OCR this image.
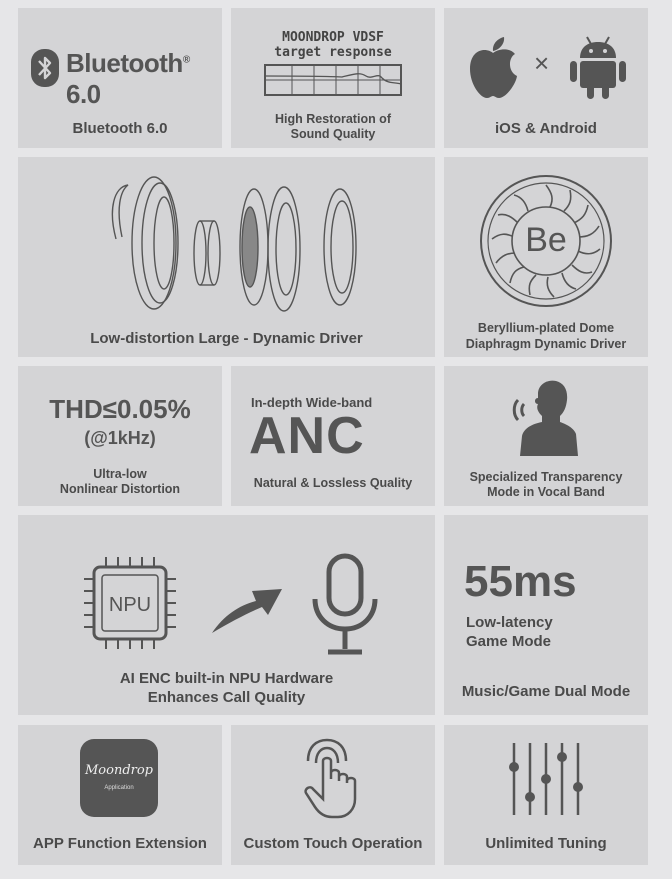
Bluetooth® 6.0
Bluetooth 6.0
MOONDROP VDSF
target response
High Restoration of
Sound Quality
×
iOS & Android
Low-distortion Large - Dynamic Driver
Be
Beryllium-plated Dome
Diaphragm Dynamic Driver
THD≤0.05%
(@1kHz)
Ultra-low
Nonlinear Distortion
In-depth Wide-band
ANC
Natural & Lossless Quality	Specialized Transparency
Mode in Vocal Band
NPU
AI ENC built-in NPU Hardware
Enhances Call Quality
55ms
Low-latency
Game Mode
Music/Game Dual Mode
Moondrop
Application
APP Function Extension	Custom Touch Operation	Unlimited Tuning
